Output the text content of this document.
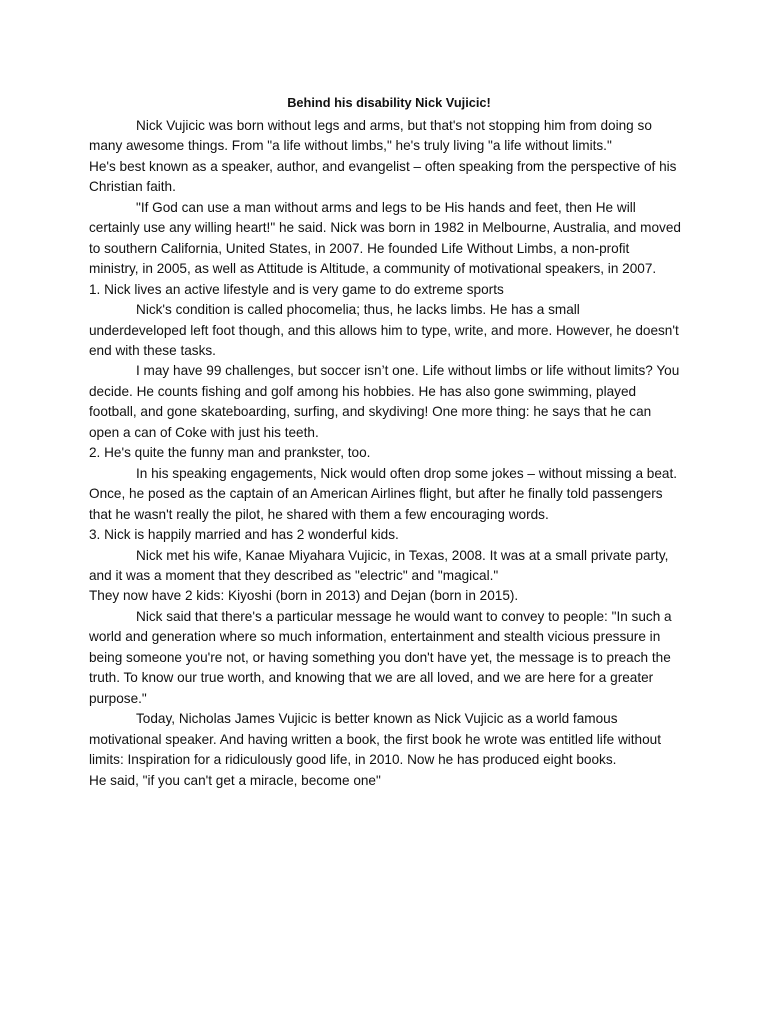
Behind his disability Nick Vujicic!

Nick Vujicic was born without legs and arms, but that's not stopping him from doing so many awesome things. From "a life without limbs," he's truly living "a life without limits."

He's best known as a speaker, author, and evangelist – often speaking from the perspective of his Christian faith.

"If God can use a man without arms and legs to be His hands and feet, then He will certainly use any willing heart!" he said. Nick was born in 1982 in Melbourne, Australia, and moved to southern California, United States, in 2007. He founded Life Without Limbs, a non-profit ministry, in 2005, as well as Attitude is Altitude, a community of motivational speakers, in 2007.

1. Nick lives an active lifestyle and is very game to do extreme sports

Nick's condition is called phocomelia; thus, he lacks limbs. He has a small underdeveloped left foot though, and this allows him to type, write, and more. However, he doesn't end with these tasks.

I may have 99 challenges, but soccer isn’t one. Life without limbs or life without limits? You decide. He counts fishing and golf among his hobbies. He has also gone swimming, played football, and gone skateboarding, surfing, and skydiving! One more thing: he says that he can open a can of Coke with just his teeth.

2. He's quite the funny man and prankster, too.

In his speaking engagements, Nick would often drop some jokes – without missing a beat.

Once, he posed as the captain of an American Airlines flight, but after he finally told passengers that he wasn't really the pilot, he shared with them a few encouraging words.

3. Nick is happily married and has 2 wonderful kids.

Nick met his wife, Kanae Miyahara Vujicic, in Texas, 2008. It was at a small private party, and it was a moment that they described as "electric" and "magical."

They now have 2 kids: Kiyoshi (born in 2013) and Dejan (born in 2015).

Nick said that there's a particular message he would want to convey to people: "In such a world and generation where so much information, entertainment and stealth vicious pressure in being someone you're not, or having something you don't have yet, the message is to preach the truth. To know our true worth, and knowing that we are all loved, and we are here for a greater purpose."

Today, Nicholas James Vujicic is better known as Nick Vujicic as a world famous motivational speaker. And having written a book, the first book he wrote was entitled life without limits: Inspiration for a ridiculously good life, in 2010. Now he has produced eight books.

He said, "if you can't get a miracle, become one"
